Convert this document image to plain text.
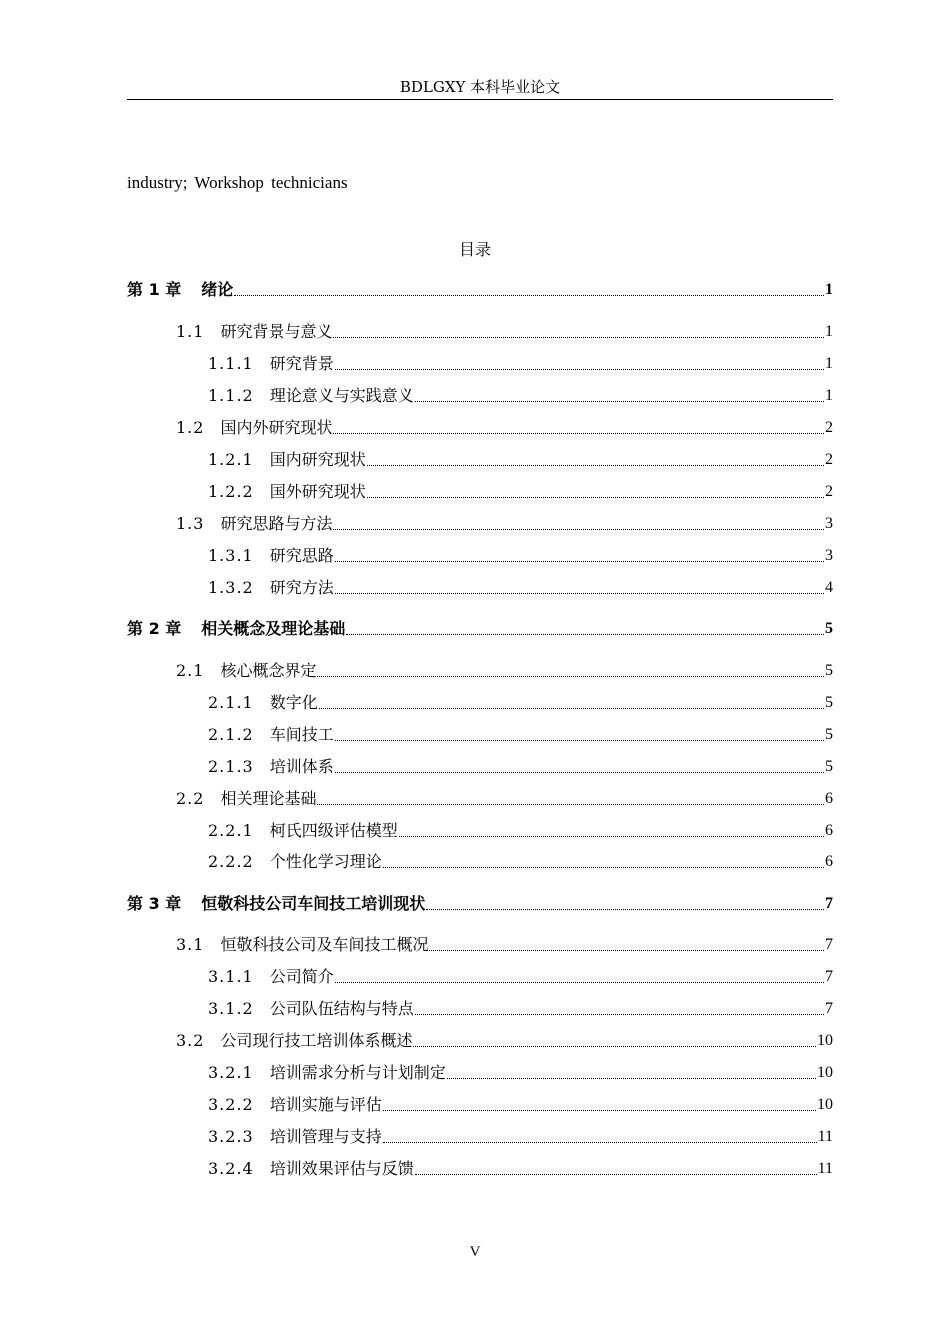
BDLGXY 本科毕业论文
industry; Workshop technicians
目录
第 1 章 绪论	1
1.1 研究背景与意义	1
1.1.1 研究背景	1
1.1.2 理论意义与实践意义	1
1.2 国内外研究现状	2
1.2.1 国内研究现状	2
1.2.2 国外研究现状	2
1.3 研究思路与方法	3
1.3.1 研究思路	3
1.3.2 研究方法	4
第 2 章 相关概念及理论基础	5
2.1 核心概念界定	5
2.1.1 数字化	5
2.1.2 车间技工	5
2.1.3 培训体系	5
2.2 相关理论基础	6
2.2.1 柯氏四级评估模型	6
2.2.2 个性化学习理论	6
第 3 章 恒敬科技公司车间技工培训现状	7
3.1 恒敬科技公司及车间技工概况	7
3.1.1 公司简介	7
3.1.2 公司队伍结构与特点	7
3.2 公司现行技工培训体系概述	10
3.2.1 培训需求分析与计划制定	10
3.2.2 培训实施与评估	10
3.2.3 培训管理与支持	11
3.2.4 培训效果评估与反馈	11
V
